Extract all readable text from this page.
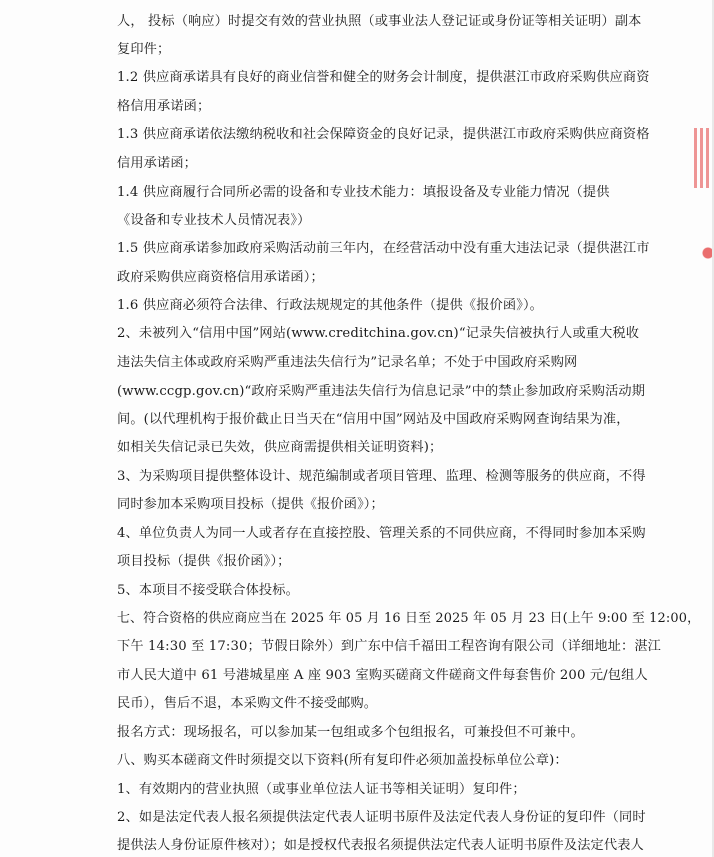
人， 投标（响应）时提交有效的营业执照（或事业法人登记证或身份证等相关证明）副本
复印件；
1.2 供应商承诺具有良好的商业信誉和健全的财务会计制度，提供湛江市政府采购供应商资
格信用承诺函；
1.3 供应商承诺依法缴纳税收和社会保障资金的良好记录，提供湛江市政府采购供应商资格
信用承诺函；
1.4 供应商履行合同所必需的设备和专业技术能力：填报设备及专业能力情况（提供
《设备和专业技术人员情况表》）
1.5 供应商承诺参加政府采购活动前三年内，在经营活动中没有重大违法记录（提供湛江市
政府采购供应商资格信用承诺函）；
1.6 供应商必须符合法律、行政法规规定的其他条件（提供《报价函》）。
2、未被列入“信用中国”网站(www.creditchina.gov.cn)“记录失信被执行人或重大税收
违法失信主体或政府采购严重违法失信行为”记录名单；不处于中国政府采购网
(www.ccgp.gov.cn)“政府采购严重违法失信行为信息记录”中的禁止参加政府采购活动期
间。(以代理机构于报价截止日当天在“信用中国”网站及中国政府采购网查询结果为准，
如相关失信记录已失效，供应商需提供相关证明资料)；
3、为采购项目提供整体设计、规范编制或者项目管理、监理、检测等服务的供应商，不得
同时参加本采购项目投标（提供《报价函》）；
4、单位负责人为同一人或者存在直接控股、管理关系的不同供应商，不得同时参加本采购
项目投标（提供《报价函》）；
5、本项目不接受联合体投标。
七、符合资格的供应商应当在 2025 年 05 月 16 日至 2025 年 05 月 23 日(上午 9:00 至 12:00，
下午 14:30 至 17:30；节假日除外）到广东中信千福田工程咨询有限公司（详细地址：湛江
市人民大道中 61 号港城星座 A 座 903 室购买磋商文件磋商文件每套售价 200 元/包组人
民币），售后不退，本采购文件不接受邮购。
报名方式：现场报名，可以参加某一包组或多个包组报名，可兼投但不可兼中。
八、购买本磋商文件时须提交以下资料(所有复印件必须加盖投标单位公章)：
1、有效期内的营业执照（或事业单位法人证书等相关证明）复印件；
2、如是法定代表人报名须提供法定代表人证明书原件及法定代表人身份证的复印件（同时
提供法人身份证原件核对）；如是授权代表报名须提供法定代表人证明书原件及法定代表人
